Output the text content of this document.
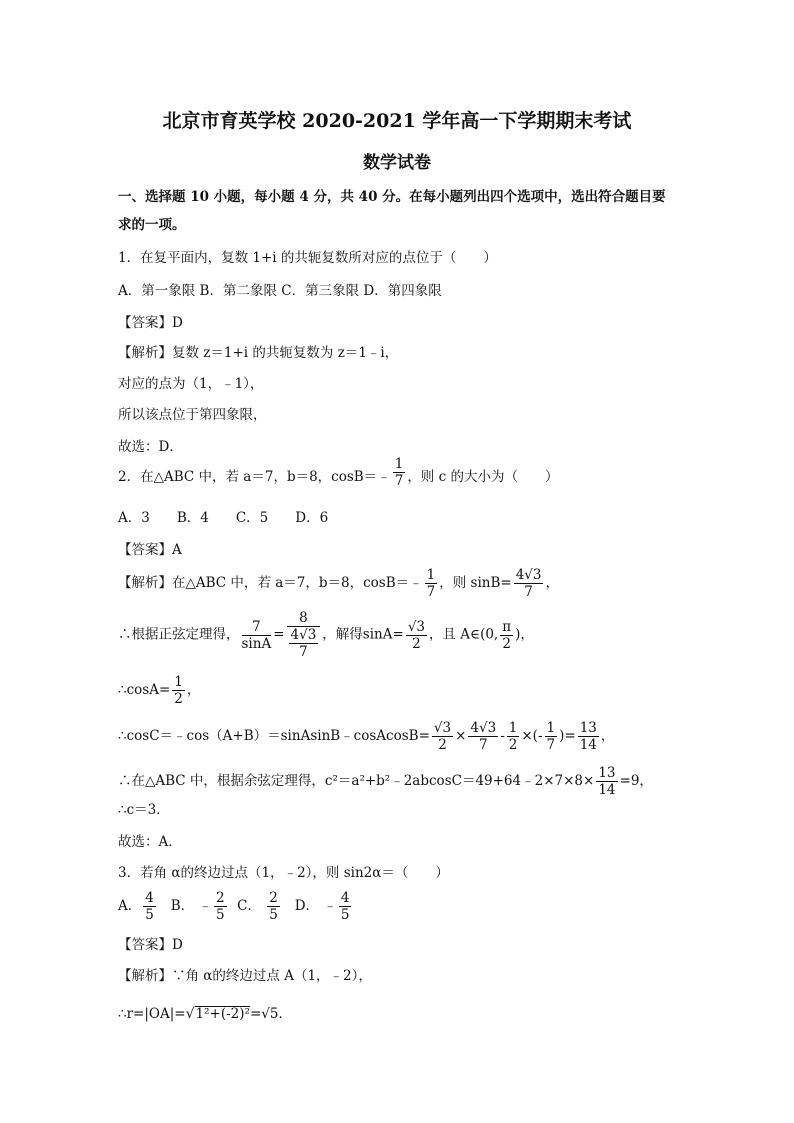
北京市育英学校 2020-2021 学年高一下学期期末考试
数学试卷
一、选择题 10 小题，每小题 4 分，共 40 分。在每小题列出四个选项中，选出符合题目要
求的一项。
1．在复平面内，复数 1+i 的共轭复数所对应的点位于（　　）
A．第一象限 B．第二象限 C．第三象限 D．第四象限
【答案】D
【解析】复数 z＝1+i 的共轭复数为 z＝1﹣i，
对应的点为（1，﹣1），
所以该点位于第四象限，
故选：D．
2．在△ABC 中，若 a＝7，b＝8，cosB＝﹣ $\frac{1}{7}$ ，则 c 的大小为（　　）
A．3　　B．4　　C．5　　D．6
【答案】A
【解析】在△ABC 中，若 a＝7，b＝8，cosB＝﹣ $\frac{1}{7}$ ，则 $\sin B= \frac{4√3}{7}$ ，
∴根据正弦定理得， $\frac{7}{\sin A} = \frac{8}{\frac{4√3}{7}}$ ，解得$\sin A= \frac{√3}{2}$ ，且 A∈(0, $\frac{\pi}{2}$ )，
∴cosA= $\frac{1}{2}$ ，
∴cosC＝﹣cos（A+B）＝sinAsinB﹣cosAcosB= $\frac{√3}{2} \times \frac{4√3}{7} - \frac{1}{2}$ ×(- $\frac{1}{7}$ )= $\frac{13}{14}$ ，
∴在△ABC 中，根据余弦定理得，c²＝a²+b²﹣2abcosC＝49+64﹣2×7×8× $\frac{13}{14} =9$，
∴c＝3．
故选：A．
3．若角 α的终边过点（1，﹣2），则 sin2α＝（　　）
A． $\frac{4}{5}$ B． ﹣ $\frac{2}{5}$ C． $\frac{2}{5}$ D． ﹣ $\frac{4}{5}$
【答案】D
【解析】∵角 α的终边过点 A（1，﹣2），
∴r=|OA|=√1²+(-2)²=√5．
